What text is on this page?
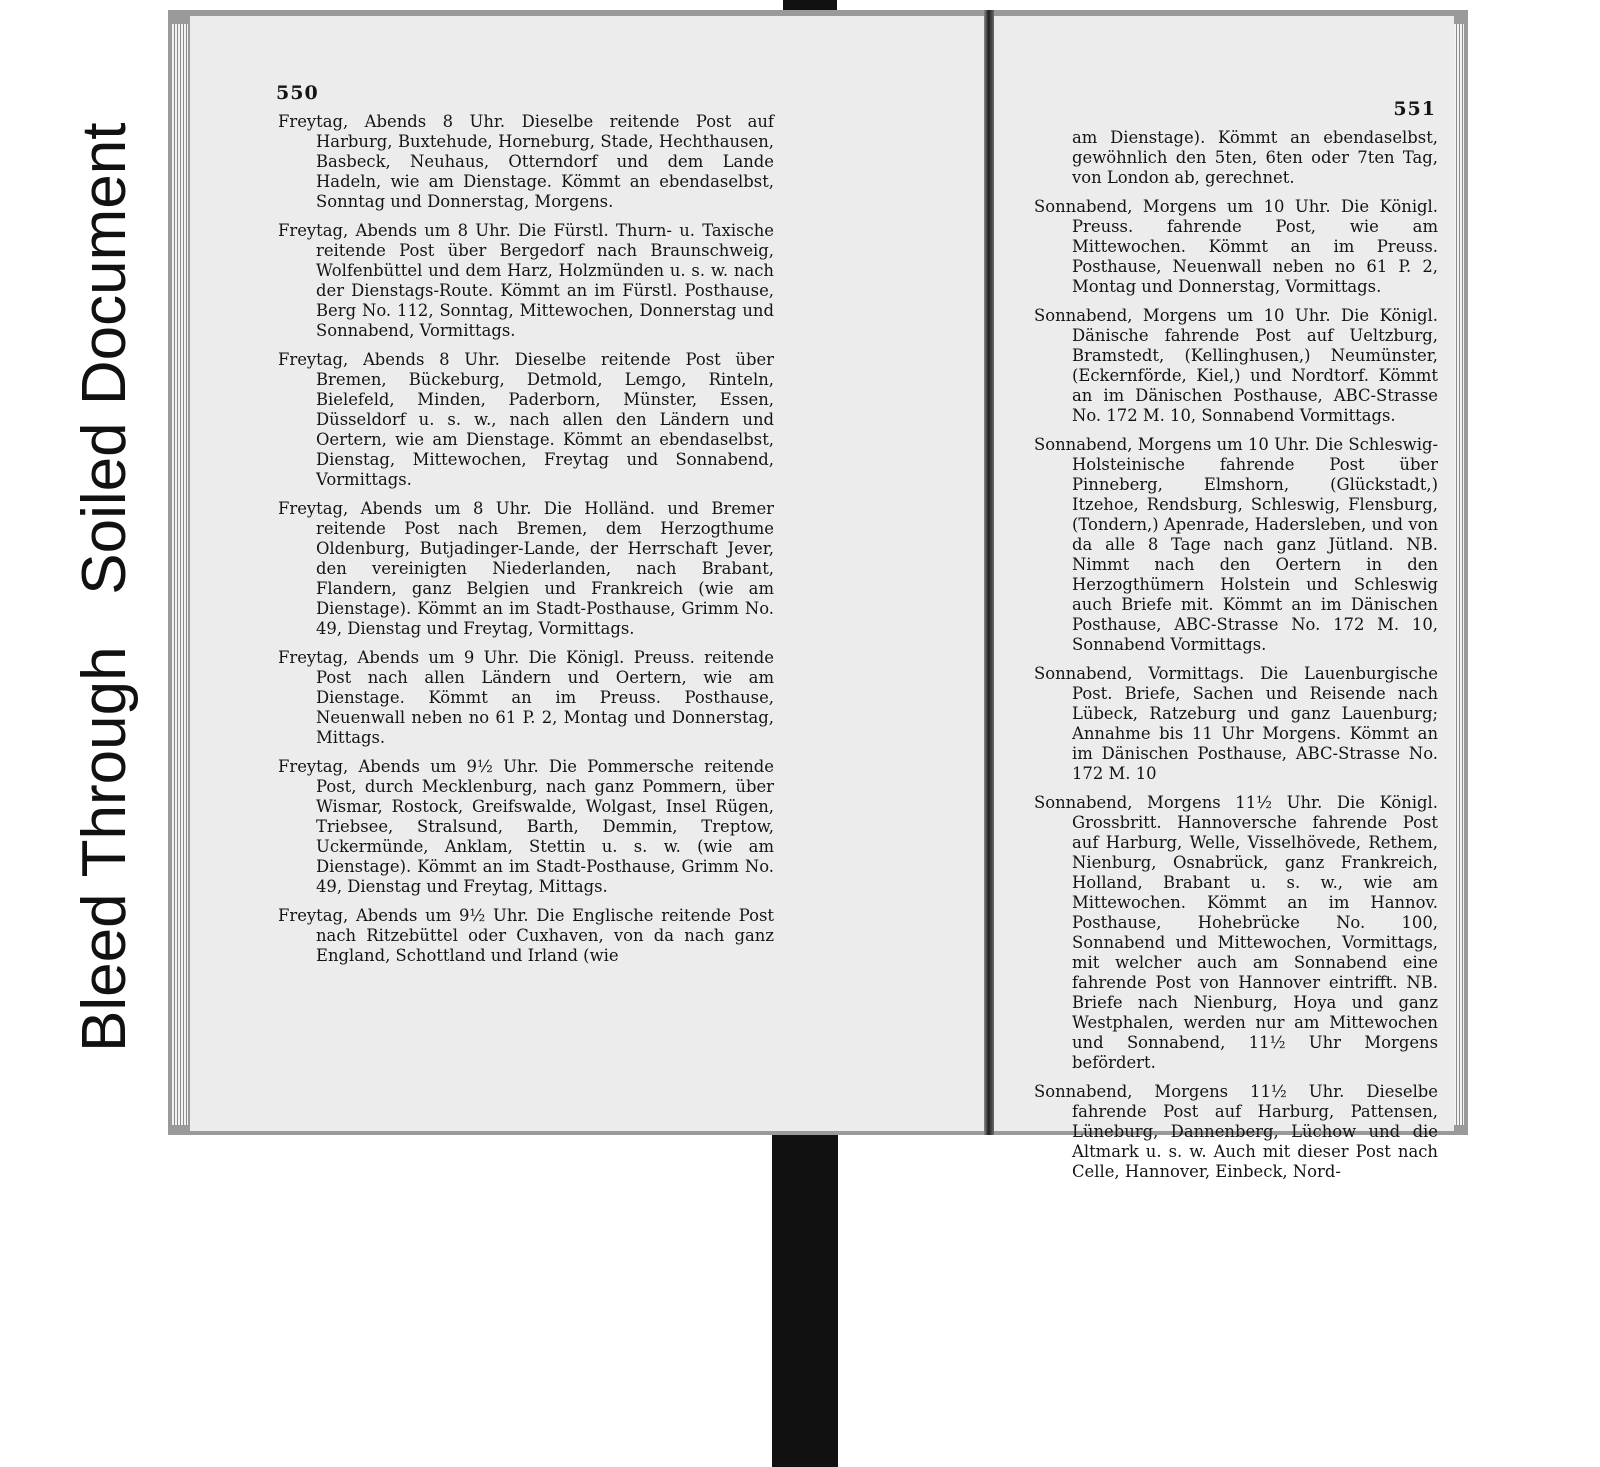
Bleed Through   Soiled Document
550

Freytag, Abends 8 Uhr. Dieselbe reitende Post auf Harburg, Buxtehude, Horneburg, Stade, Hechthausen, Basbeck, Neuhaus, Otterndorf und dem Lande Hadeln, wie am Dienstage. Kömmt an ebendaselbst, Sonntag und Donnerstag, Morgens.

Freytag, Abends um 8 Uhr. Die Fürstl. Thurn- u. Taxische reitende Post über Bergedorf nach Braunschweig, Wolfenbüttel und dem Harz, Holzmünden u. s. w. nach der Dienstags-Route. Kömmt an im Fürstl. Posthause, Berg No. 112, Sonntag, Mittewochen, Donnerstag und Sonnabend, Vormittags.

Freytag, Abends 8 Uhr. Dieselbe reitende Post über Bremen, Bückeburg, Detmold, Lemgo, Rinteln, Bielefeld, Minden, Paderborn, Münster, Essen, Düsseldorf u. s. w., nach allen den Ländern und Oertern, wie am Dienstage. Kömmt an ebendaselbst, Dienstag, Mittewochen, Freytag und Sonnabend, Vormittags.

Freytag, Abends um 8 Uhr. Die Holländ. und Bremer reitende Post nach Bremen, dem Herzogthume Oldenburg, Butjadinger-Lande, der Herrschaft Jever, den vereinigten Niederlanden, nach Brabant, Flandern, ganz Belgien und Frankreich (wie am Dienstage). Kömmt an im Stadt-Posthause, Grimm No. 49, Dienstag und Freytag, Vormittags.

Freytag, Abends um 9 Uhr. Die Königl. Preuss. reitende Post nach allen Ländern und Oertern, wie am Dienstage. Kömmt an im Preuss. Posthause, Neuenwall neben no 61 P. 2, Montag und Donnerstag, Mittags.

Freytag, Abends um 9½ Uhr. Die Pommersche reitende Post, durch Mecklenburg, nach ganz Pommern, über Wismar, Rostock, Greifswalde, Wolgast, Insel Rügen, Triebsee, Stralsund, Barth, Demmin, Treptow, Uckermünde, Anklam, Stettin u. s. w. (wie am Dienstage). Kömmt an im Stadt-Posthause, Grimm No. 49, Dienstag und Freytag, Mittags.

Freytag, Abends um 9½ Uhr. Die Englische reitende Post nach Ritzebüttel oder Cuxhaven, von da nach ganz England, Schottland und Irland (wie

551

am Dienstage). Kömmt an ebendaselbst, gewöhnlich den 5ten, 6ten oder 7ten Tag, von London ab, gerechnet.

Sonnabend, Morgens um 10 Uhr. Die Königl. Preuss. fahrende Post, wie am Mittewochen. Kömmt an im Preuss. Posthause, Neuenwall neben no 61 P. 2, Montag und Donnerstag, Vormittags.

Sonnabend, Morgens um 10 Uhr. Die Königl. Dänische fahrende Post auf Ueltzburg, Bramstedt, (Kellinghusen,) Neumünster, (Eckernförde, Kiel,) und Nordtorf. Kömmt an im Dänischen Posthause, ABC-Strasse No. 172 M. 10, Sonnabend Vormittags.

Sonnabend, Morgens um 10 Uhr. Die Schleswig-Holsteinische fahrende Post über Pinneberg, Elmshorn, (Glückstadt,) Itzehoe, Rendsburg, Schleswig, Flensburg, (Tondern,) Apenrade, Hadersleben, und von da alle 8 Tage nach ganz Jütland. NB. Nimmt nach den Oertern in den Herzogthümern Holstein und Schleswig auch Briefe mit. Kömmt an im Dänischen Posthause, ABC-Strasse No. 172 M. 10, Sonnabend Vormittags.

Sonnabend, Vormittags. Die Lauenburgische Post. Briefe, Sachen und Reisende nach Lübeck, Ratzeburg und ganz Lauenburg; Annahme bis 11 Uhr Morgens. Kömmt an im Dänischen Posthause, ABC-Strasse No. 172 M. 10

Sonnabend, Morgens 11½ Uhr. Die Königl. Grossbritt. Hannoversche fahrende Post auf Harburg, Welle, Visselhövede, Rethem, Nienburg, Osnabrück, ganz Frankreich, Holland, Brabant u. s. w., wie am Mittewochen. Kömmt an im Hannov. Posthause, Hohebrücke No. 100, Sonnabend und Mittewochen, Vormittags, mit welcher auch am Sonnabend eine fahrende Post von Hannover eintrifft. NB. Briefe nach Nienburg, Hoya und ganz Westphalen, werden nur am Mittewochen und Sonnabend, 11½ Uhr Morgens befördert.

Sonnabend, Morgens 11½ Uhr. Dieselbe fahrende Post auf Harburg, Pattensen, Lüneburg, Dannenberg, Lüchow und die Altmark u. s. w. Auch mit dieser Post nach Celle, Hannover, Einbeck, Nord-
